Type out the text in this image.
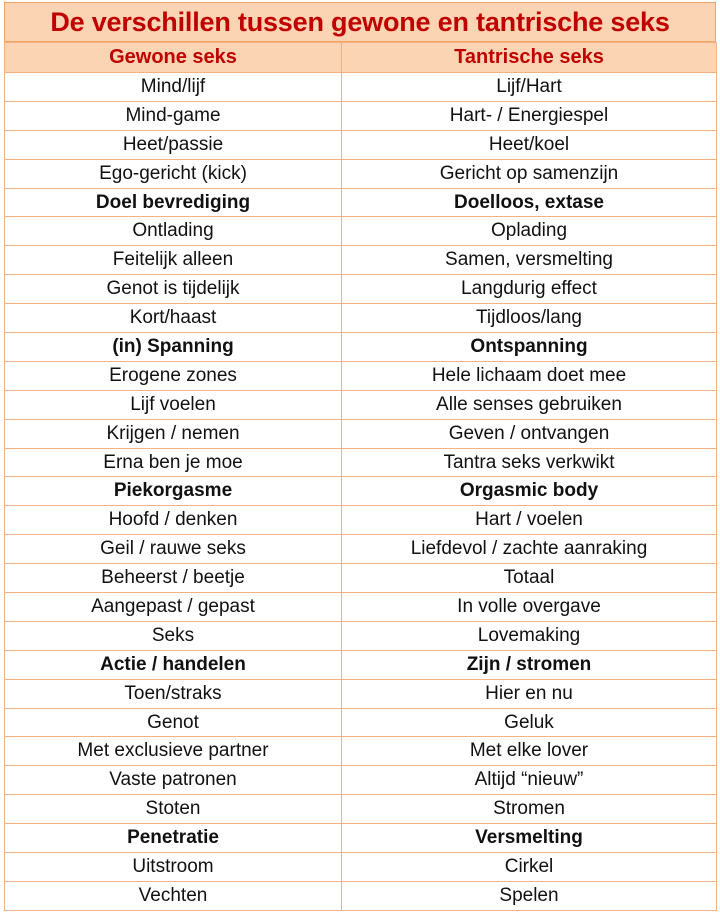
De verschillen tussen gewone en tantrische seks
Gewone seks	Tantrische seks
Mind/lijf	Lijf/Hart
Mind-game	Hart- / Energiespel
Heet/passie	Heet/koel
Ego-gericht (kick)	Gericht op samenzijn
Doel bevrediging	Doelloos, extase
Ontlading	Oplading
Feitelijk alleen	Samen, versmelting
Genot is tijdelijk	Langdurig effect
Kort/haast	Tijdloos/lang
(in) Spanning	Ontspanning
Erogene zones	Hele lichaam doet mee
Lijf voelen	Alle senses gebruiken
Krijgen / nemen	Geven / ontvangen
Erna ben je moe	Tantra seks verkwikt
Piekorgasme	Orgasmic body
Hoofd / denken	Hart / voelen
Geil / rauwe seks	Liefdevol / zachte aanraking
Beheerst / beetje	Totaal
Aangepast / gepast	In volle overgave
Seks	Lovemaking
Actie / handelen	Zijn / stromen
Toen/straks	Hier en nu
Genot	Geluk
Met exclusieve partner	Met elke lover
Vaste patronen	Altijd “nieuw”
Stoten	Stromen
Penetratie	Versmelting
Uitstroom	Cirkel
Vechten	Spelen
